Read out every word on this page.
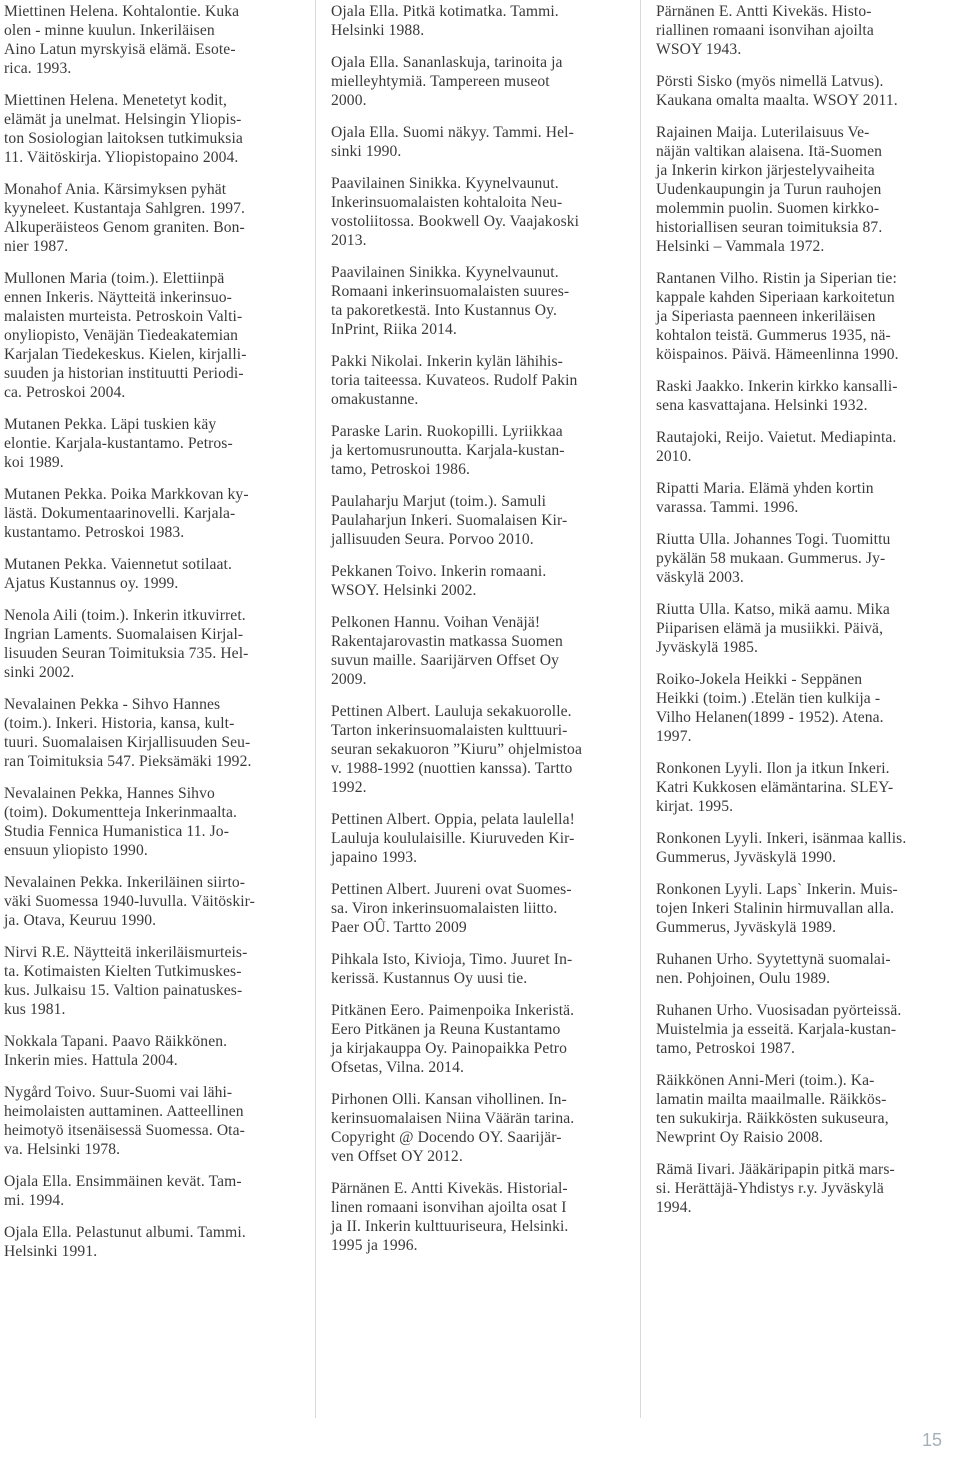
Miettinen Helena. Kohtalontie. Kuka
olen - minne kuulun. Inkeriläisen
Aino Latun myrskyisä elämä. Esote-
rica. 1993.

Miettinen Helena. Menetetyt kodit,
elämät ja unelmat. Helsingin Yliopis-
ton Sosiologian laitoksen tutkimuksia
11. Väitöskirja. Yliopistopaino 2004.

Monahof Ania. Kärsimyksen pyhät
kyyneleet. Kustantaja Sahlgren. 1997.
Alkuperäisteos Genom graniten. Bon-
nier 1987.

Mullonen Maria (toim.). Elettiinpä
ennen Inkeris. Näytteitä inkerinsuo-
malaisten murteista. Petroskoin Valti-
onyliopisto, Venäjän Tiedeakatemian
Karjalan Tiedekeskus. Kielen, kirjalli-
suuden ja historian instituutti Periodi-
ca. Petroskoi 2004.

Mutanen Pekka. Läpi tuskien käy
elontie. Karjala-kustantamo. Petros-
koi 1989.

Mutanen Pekka. Poika Markkovan ky-
lästä. Dokumentaarinovelli. Karjala-
kustantamo. Petroskoi 1983.

Mutanen Pekka. Vaiennetut sotilaat.
Ajatus Kustannus oy. 1999.

Nenola Aili (toim.). Inkerin itkuvirret.
Ingrian Laments. Suomalaisen Kirjal-
lisuuden Seuran Toimituksia 735. Hel-
sinki 2002.

Nevalainen Pekka - Sihvo Hannes
(toim.). Inkeri. Historia, kansa, kult-
tuuri. Suomalaisen Kirjallisuuden Seu-
ran Toimituksia 547. Pieksämäki 1992.

Nevalainen Pekka, Hannes Sihvo
(toim). Dokumentteja Inkerinmaalta.
Studia Fennica Humanistica 11. Jo-
ensuun yliopisto 1990.

Nevalainen Pekka. Inkeriläinen siirto-
väki Suomessa 1940-luvulla. Väitöskir-
ja. Otava, Keuruu 1990.

Nirvi R.E. Näytteitä inkeriläismurteis-
ta. Kotimaisten Kielten Tutkimuskes-
kus. Julkaisu 15. Valtion painatuskes-
kus 1981.

Nokkala Tapani. Paavo Räikkönen.
Inkerin mies. Hattula 2004.

Nygård Toivo. Suur-Suomi vai lähi-
heimolaisten auttaminen. Aatteellinen
heimotyö itsenäisessä Suomessa. Ota-
va. Helsinki 1978.

Ojala Ella. Ensimmäinen kevät. Tam-
mi. 1994.

Ojala Ella. Pelastunut albumi. Tammi.
Helsinki 1991.

Ojala Ella. Pitkä kotimatka. Tammi.
Helsinki 1988.

Ojala Ella. Sananlaskuja, tarinoita ja
mielleyhtymiä. Tampereen museot
2000.

Ojala Ella. Suomi näkyy. Tammi. Hel-
sinki 1990.

Paavilainen Sinikka. Kyynelvaunut.
Inkerinsuomalaisten kohtaloita Neu-
vostoliitossa. Bookwell Oy. Vaajakoski
2013.

Paavilainen Sinikka. Kyynelvaunut.
Romaani inkerinsuomalaisten suures-
ta pakoretkestä. Into Kustannus Oy.
InPrint, Riika 2014.

Pakki Nikolai. Inkerin kylän lähihis-
toria taiteessa. Kuvateos. Rudolf Pakin
omakustanne.

Paraske Larin. Ruokopilli. Lyriikkaa
ja kertomusrunoutta. Karjala-kustan-
tamo, Petroskoi 1986.

Paulaharju Marjut (toim.). Samuli
Paulaharjun Inkeri. Suomalaisen Kir-
jallisuuden Seura. Porvoo 2010.

Pekkanen Toivo. Inkerin romaani.
WSOY. Helsinki 2002.

Pelkonen Hannu. Voihan Venäjä!
Rakentajarovastin matkassa Suomen
suvun maille. Saarijärven Offset Oy
2009.

Pettinen Albert. Lauluja sekakuorolle.
Tarton inkerinsuomalaisten kulttuuri-
seuran sekakuoron ”Kiuru” ohjelmistoa
v. 1988-1992 (nuottien kanssa). Tartto
1992.

Pettinen Albert. Oppia, pelata laulella!
Lauluja koululaisille. Kiuruveden Kir-
japaino 1993.

Pettinen Albert. Juureni ovat Suomes-
sa. Viron inkerinsuomalaisten liitto.
Paer OÛ. Tartto 2009

Pihkala Isto, Kivioja, Timo. Juuret In-
kerissä. Kustannus Oy uusi tie.

Pitkänen Eero. Paimenpoika Inkeristä.
Eero Pitkänen ja Reuna Kustantamo
ja kirjakauppa Oy. Painopaikka Petro
Ofsetas, Vilna. 2014.

Pirhonen Olli. Kansan vihollinen. In-
kerinsuomalaisen Niina Väärän tarina.
Copyright @ Docendo OY. Saarijär-
ven Offset OY 2012.

Pärnänen E. Antti Kivekäs. Historial-
linen romaani isonvihan ajoilta osat I
ja II. Inkerin kulttuuriseura, Helsinki.
1995 ja 1996.

Pärnänen E. Antti Kivekäs. Histo-
riallinen romaani isonvihan ajoilta
WSOY 1943.

Pörsti Sisko (myös nimellä Latvus).
Kaukana omalta maalta. WSOY 2011.

Rajainen Maija. Luterilaisuus Ve-
näjän valtikan alaisena. Itä-Suomen
ja Inkerin kirkon järjestelyvaiheita
Uudenkaupungin ja Turun rauhojen
molemmin puolin. Suomen kirkko-
historiallisen seuran toimituksia 87.
Helsinki – Vammala 1972.

Rantanen Vilho. Ristin ja Siperian tie:
kappale kahden Siperiaan karkoitetun
ja Siperiasta paenneen inkeriläisen
kohtalon teistä. Gummerus 1935, nä-
köispainos. Päivä. Hämeenlinna 1990.

Raski Jaakko. Inkerin kirkko kansalli-
sena kasvattajana. Helsinki 1932.

Rautajoki, Reijo. Vaietut. Mediapinta.
2010.

Ripatti Maria. Elämä yhden kortin
varassa. Tammi. 1996.

Riutta Ulla. Johannes Togi. Tuomittu
pykälän 58 mukaan. Gummerus. Jy-
väskylä 2003.

Riutta Ulla. Katso, mikä aamu. Mika
Piiparisen elämä ja musiikki. Päivä,
Jyväskylä 1985.

Roiko-Jokela Heikki - Seppänen
Heikki (toim.) .Etelän tien kulkija -
Vilho Helanen(1899 - 1952). Atena.
1997.

Ronkonen Lyyli. Ilon ja itkun Inkeri.
Katri Kukkosen elämäntarina. SLEY-
kirjat. 1995.

Ronkonen Lyyli. Inkeri, isänmaa kallis.
Gummerus, Jyväskylä 1990.

Ronkonen Lyyli. Laps` Inkerin. Muis-
tojen Inkeri Stalinin hirmuvallan alla.
Gummerus, Jyväskylä 1989.

Ruhanen Urho. Syytettynä suomalai-
nen. Pohjoinen, Oulu 1989.

Ruhanen Urho. Vuosisadan pyörteissä.
Muistelmia ja esseitä. Karjala-kustan-
tamo, Petroskoi 1987.

Räikkönen Anni-Meri (toim.). Ka-
lamatin mailta maailmalle. Räikkös-
ten sukukirja. Räikkösten sukuseura,
Newprint Oy Raisio 2008.

Rämä Iivari. Jääkäripapin pitkä mars-
si. Herättäjä-Yhdistys r.y. Jyväskylä
1994.

15
